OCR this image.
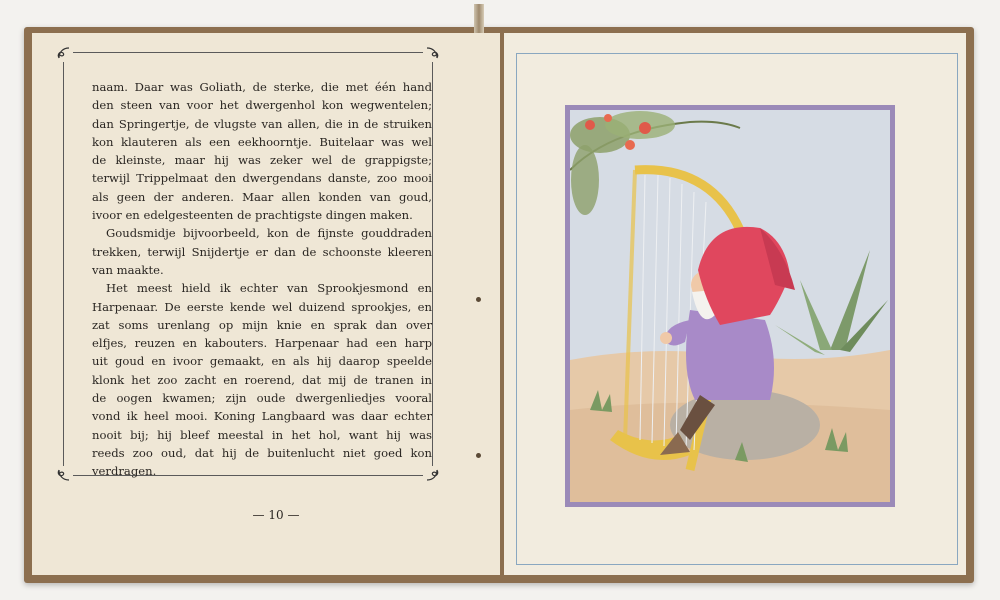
naam. Daar was Goliath, de sterke, die met één hand
den steen van voor het dwergenhol kon wegwentelen;
dan Springertje, de vlugste van allen, die in de struiken
kon klauteren als een eekhoorntje. Buitelaar was wel
de kleinste, maar hij was zeker wel de grappigste;
terwijl Trippelmaat den dwergendans danste, zoo mooi
als geen der anderen. Maar allen konden van goud,
ivoor en edelgesteenten de prachtigste dingen maken.
Goudsmidje bijvoorbeeld, kon de fijnste gouddraden
trekken, terwijl Snijdertje er dan de schoonste kleeren
van maakte.
Het meest hield ik echter van Sprookjesmond en
Harpenaar. De eerste kende wel duizend sprookjes, en
zat soms urenlang op mijn knie en sprak dan over
elfjes, reuzen en kabouters. Harpenaar had een harp
uit goud en ivoor gemaakt, en als hij daarop speelde
klonk het zoo zacht en roerend, dat mij de tranen in
de oogen kwamen; zijn oude dwergenliedjes vooral
vond ik heel mooi. Koning Langbaard was daar echter
nooit bij; hij bleef meestal in het hol, want hij was
reeds zoo oud, dat hij de buitenlucht niet goed kon
verdragen.
— 10 —
